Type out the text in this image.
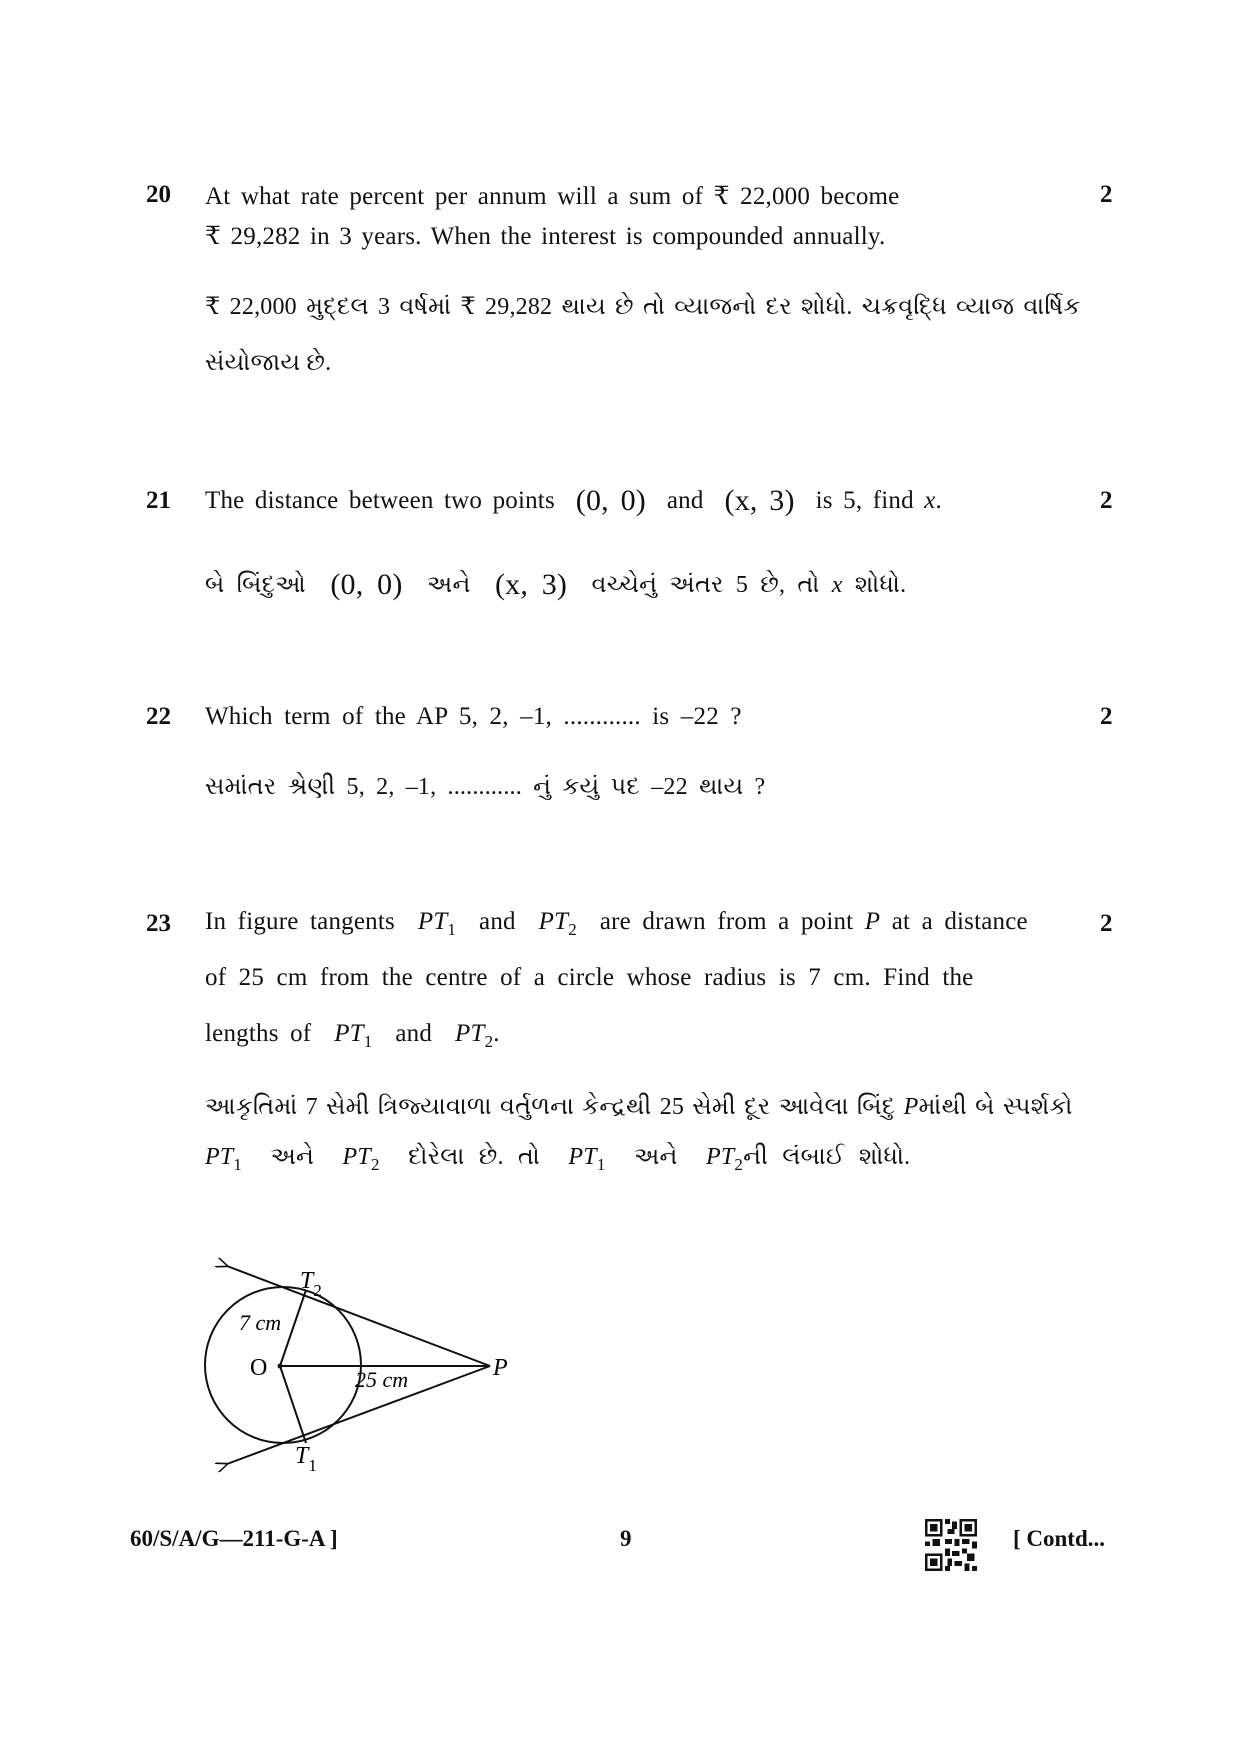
20	2
At what rate percent per annum will a sum of ₹ 22,000 become
₹ 29,282 in 3 years. When the interest is compounded annually.
₹ 22,000 મુદ્દલ 3 વર્ષમાં ₹ 29,282 થાય છે તો વ્યાજનો દર શોધો. ચક્રવૃદ્ધિ વ્યાજ વાર્ષિક
સંયોજાય છે.
21	2
The distance between two points (0, 0) and (x, 3) is 5, find x.
બે બિંદુઓ (0, 0) અને (x, 3) વચ્ચેનું અંતર 5 છે, તો x શોધો.
22	2
Which term of the AP 5, 2, –1, ............ is –22 ?
સમાંતર શ્રેણી 5, 2, –1, ............ નું કયું પદ –22 થાય ?
23	2
In figure tangents $PT_1$ and $PT_2$ are drawn from a point P at a distance
of 25 cm from the centre of a circle whose radius is 7 cm. Find the
lengths of $PT_1$ and $PT_2$.
આકૃતિમાં 7 સેમી ત્રિજ્યાવાળા વર્તુળના કેન્દ્રથી 25 સેમી દૂર આવેલા બિંદુ Pમાંથી બે સ્પર્શકો
$PT_1$ અને $PT_2$ દોરેલા છે. તો $PT_1$ અને $PT_2ની$ લંબાઈ શોધો.
O	P
$T_2$
$T_1$
7 cm
25 cm
60/S/A/G—211-G-A ]	9	[ Contd...
